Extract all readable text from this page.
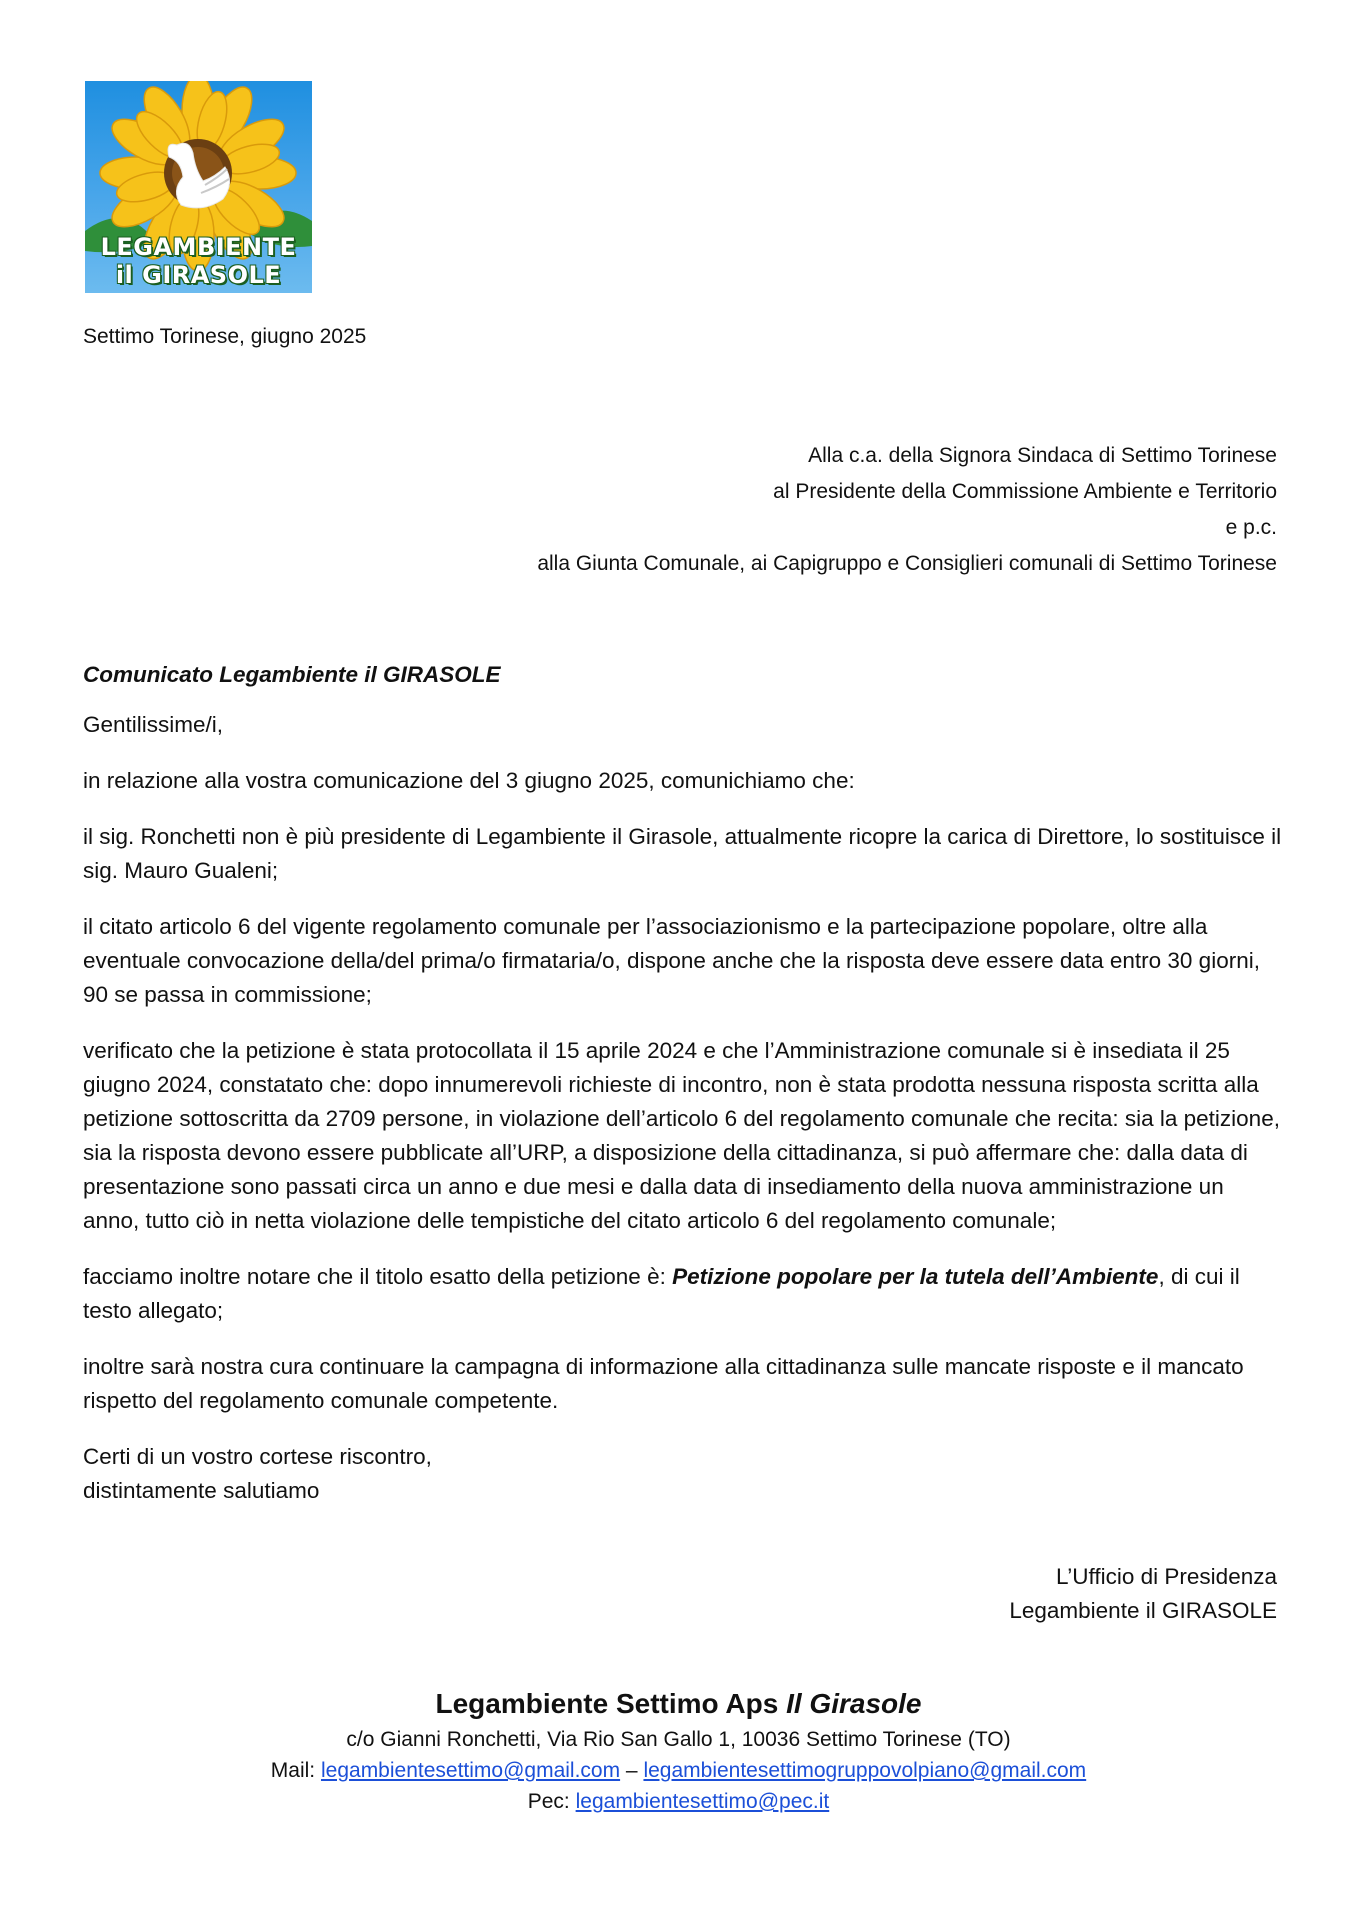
LEGAMBIENTE
il GIRASOLE
Settimo Torinese, giugno 2025
Alla c.a. della Signora Sindaca di Settimo Torinese
al Presidente della Commissione Ambiente e Territorio
e p.c.
alla Giunta Comunale, ai Capigruppo e Consiglieri comunali di Settimo Torinese

Comunicato Legambiente il GIRASOLE

Gentilissime/i,

in relazione alla vostra comunicazione del 3 giugno 2025, comunichiamo che:

il sig. Ronchetti non è più presidente di Legambiente il Girasole, attualmente ricopre la carica di Direttore, lo sostituisce il sig. Mauro Gualeni;

il citato articolo 6 del vigente regolamento comunale per l’associazionismo e la partecipazione popolare, oltre alla eventuale convocazione della/del prima/o firmataria/o, dispone anche che la risposta deve essere data entro 30 giorni, 90 se passa in commissione;

verificato che la petizione è stata protocollata il 15 aprile 2024 e che l’Amministrazione comunale si è insediata il 25 giugno 2024, constatato che: dopo innumerevoli richieste di incontro, non è stata prodotta nessuna risposta scritta alla petizione sottoscritta da 2709 persone, in violazione dell’articolo 6 del regolamento comunale che recita: sia la petizione, sia la risposta devono essere pubblicate all’URP, a disposizione della cittadinanza, si può affermare che: dalla data di presentazione sono passati circa un anno e due mesi e dalla data di insediamento della nuova amministrazione un anno, tutto ciò in netta violazione delle tempistiche del citato articolo 6 del regolamento comunale;

facciamo inoltre notare che il titolo esatto della petizione è: Petizione popolare per la tutela dell’Ambiente, di cui il testo allegato;

inoltre sarà nostra cura continuare la campagna di informazione alla cittadinanza sulle mancate risposte e il mancato rispetto del regolamento comunale competente.

Certi di un vostro cortese riscontro,
distintamente salutiamo

L’Ufficio di Presidenza
Legambiente il GIRASOLE
Legambiente Settimo Aps Il Girasole
c/o Gianni Ronchetti, Via Rio San Gallo 1, 10036 Settimo Torinese (TO)
Mail: legambientesettimo@gmail.com – legambientesettimogruppovolpiano@gmail.com
Pec: legambientesettimo@pec.it
